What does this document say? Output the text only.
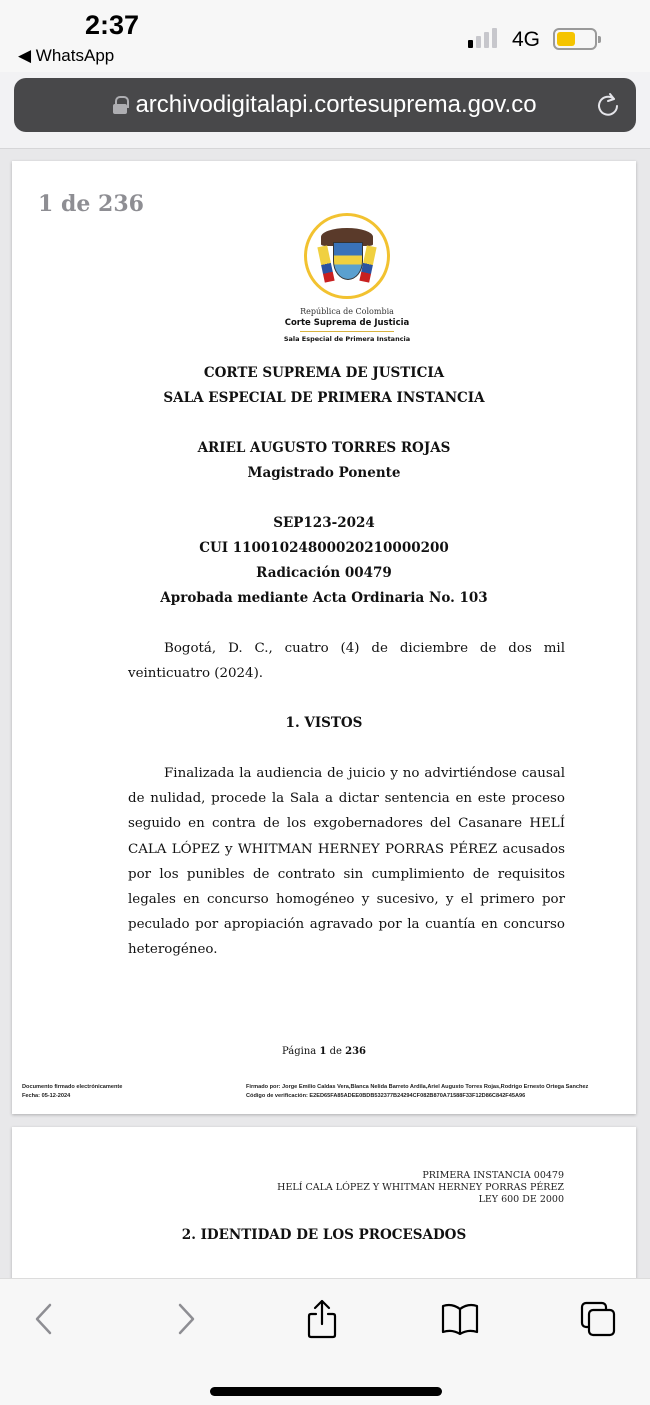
2:37
◀ WhatsApp
4G
archivodigitalapi.cortesupremа.gov.co
1 de 236
República de Colombia
Corte Suprema de Justicia
Sala Especial de Primera Instancia
CORTE SUPREMA DE JUSTICIA
SALA ESPECIAL DE PRIMERA INSTANCIA
ARIEL AUGUSTO TORRES ROJAS
Magistrado Ponente
SEP123-2024
CUI 11001024800020210000200
Radicación 00479
Aprobada mediante Acta Ordinaria No. 103
Bogotá, D. C., cuatro (4) de diciembre de dos mil veinticuatro (2024).
1. VISTOS
Finalizada la audiencia de juicio y no advirtiéndose causal de nulidad, procede la Sala a dictar sentencia en este proceso seguido en contra de los exgobernadores del Casanare HELÍ CALA LÓPEZ y WHITMAN HERNEY PORRAS PÉREZ acusados por los punibles de contrato sin cumplimiento de requisitos legales en concurso homogéneo y sucesivo, y el primero por peculado por apropiación agravado por la cuantía en concurso heterogéneo.
Página 1 de 236
Documento firmado electrónicamente
Fecha: 05-12-2024
Firmado por: Jorge Emilio Caldas Vera,Blanca Nelida Barreto Ardila,Ariel Augusto Torres Rojas,Rodrigo Ernesto Ortega Sanchez
Código de verificación: E2ED65FA85ADEE0BDB532377B24294CF082B870A71588F33F12D86C842F45A96
PRIMERA INSTANCIA 00479
HELÍ CALA LÓPEZ Y WHITMAN HERNEY PORRAS PÉREZ
LEY 600 DE 2000
2. IDENTIDAD DE LOS PROCESADOS
